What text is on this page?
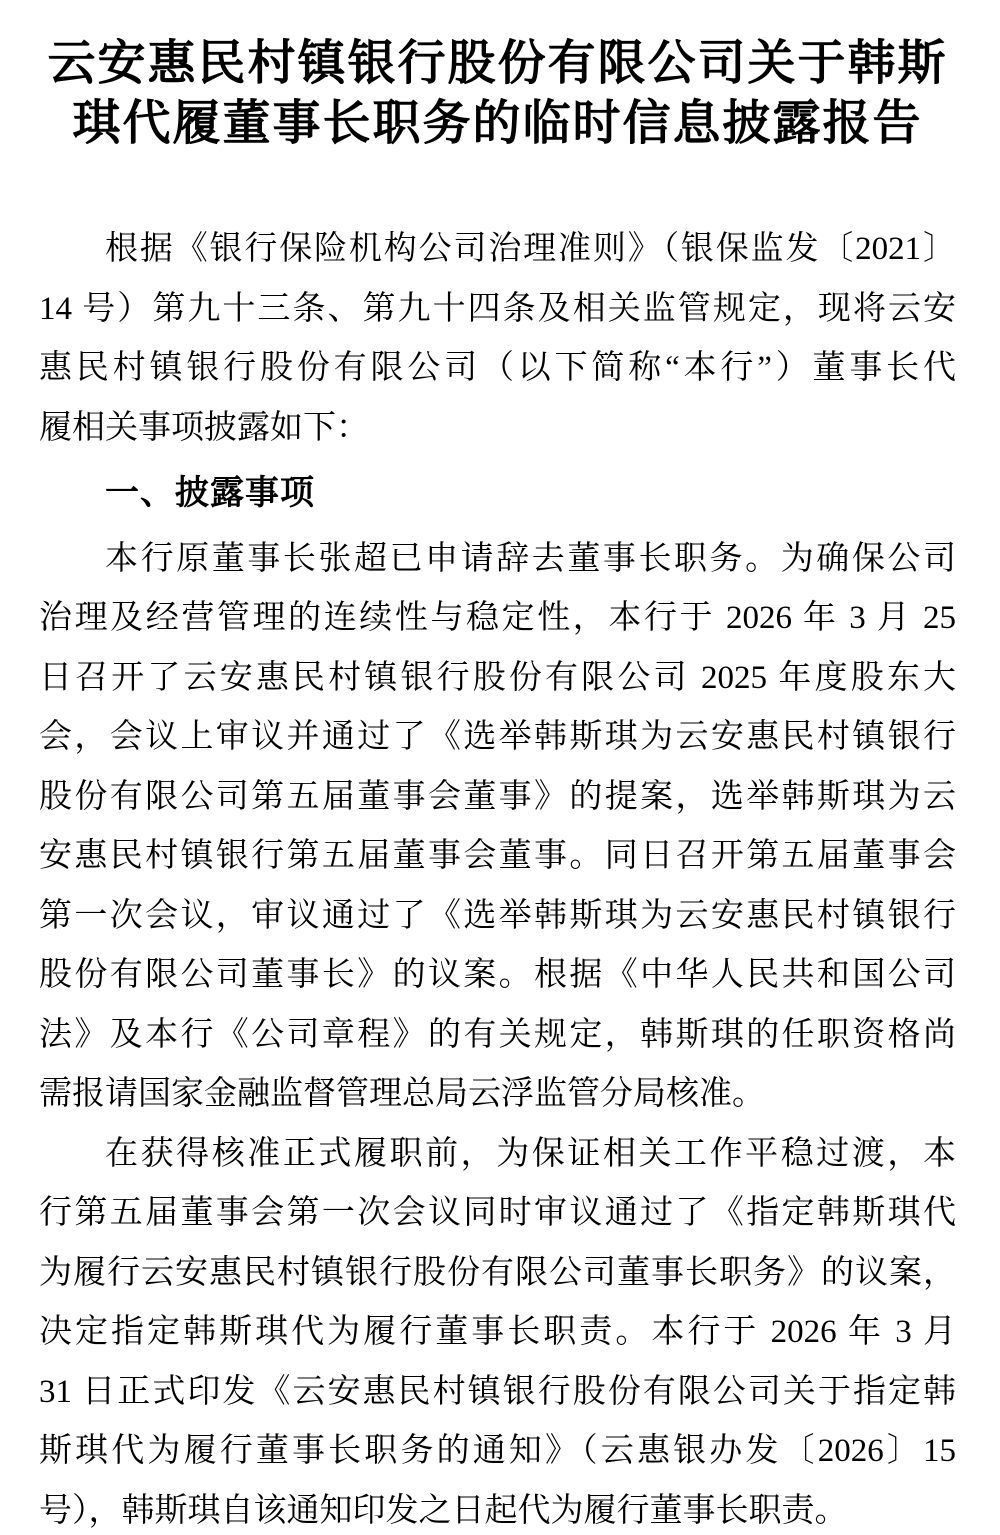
云安惠民村镇银行股份有限公司关于韩斯
琪代履董事长职务的临时信息披露报告
根据《银行保险机构公司治理准则》（银保监发〔2021〕
14 号）第九十三条、第九十四条及相关监管规定，现将云安
惠民村镇银行股份有限公司（以下简称“本行”）董事长代
履相关事项披露如下：
一、披露事项
本行原董事长张超已申请辞去董事长职务。为确保公司
治理及经营管理的连续性与稳定性，本行于 2026 年 3 月 25
日召开了云安惠民村镇银行股份有限公司 2025 年度股东大
会，会议上审议并通过了《选举韩斯琪为云安惠民村镇银行
股份有限公司第五届董事会董事》的提案，选举韩斯琪为云
安惠民村镇银行第五届董事会董事。同日召开第五届董事会
第一次会议，审议通过了《选举韩斯琪为云安惠民村镇银行
股份有限公司董事长》的议案。根据《中华人民共和国公司
法》及本行《公司章程》的有关规定，韩斯琪的任职资格尚
需报请国家金融监督管理总局云浮监管分局核准。
在获得核准正式履职前，为保证相关工作平稳过渡，本
行第五届董事会第一次会议同时审议通过了《指定韩斯琪代
为履行云安惠民村镇银行股份有限公司董事长职务》的议案，
决定指定韩斯琪代为履行董事长职责。本行于 2026 年 3 月
31 日正式印发《云安惠民村镇银行股份有限公司关于指定韩
斯琪代为履行董事长职务的通知》（云惠银办发〔2026〕15
号），韩斯琪自该通知印发之日起代为履行董事长职责。
